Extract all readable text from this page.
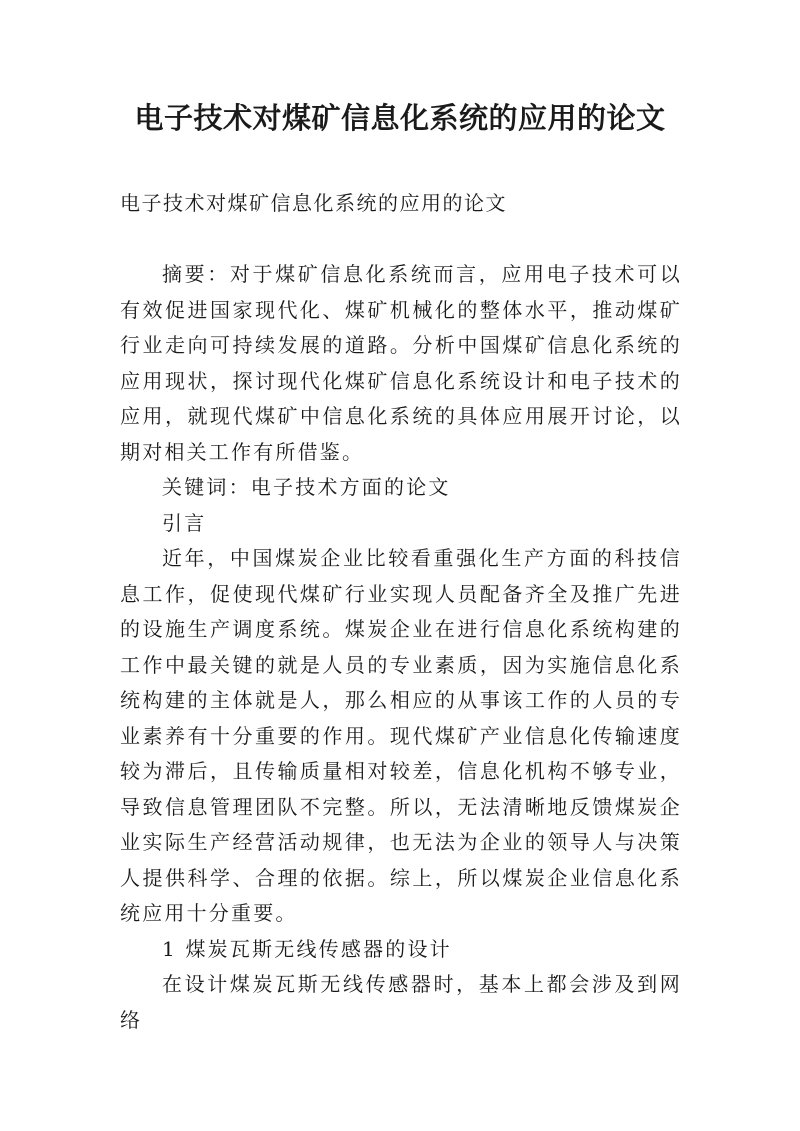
电子技术对煤矿信息化系统的应用的论文

电子技术对煤矿信息化系统的应用的论文

摘要：对于煤矿信息化系统而言，应用电子技术可以有效促进国家现代化、煤矿机械化的整体水平，推动煤矿行业走向可持续发展的道路。分析中国煤矿信息化系统的应用现状，探讨现代化煤矿信息化系统设计和电子技术的应用，就现代煤矿中信息化系统的具体应用展开讨论，以期对相关工作有所借鉴。

关键词：电子技术方面的论文

引言

近年，中国煤炭企业比较看重强化生产方面的科技信息工作，促使现代煤矿行业实现人员配备齐全及推广先进的设施生产调度系统。煤炭企业在进行信息化系统构建的工作中最关键的就是人员的专业素质，因为实施信息化系统构建的主体就是人，那么相应的从事该工作的人员的专业素养有十分重要的作用。现代煤矿产业信息化传输速度较为滞后，且传输质量相对较差，信息化机构不够专业，导致信息管理团队不完整。所以，无法清晰地反馈煤炭企业实际生产经营活动规律，也无法为企业的领导人与决策人提供科学、合理的依据。综上，所以煤炭企业信息化系统应用十分重要。

1 煤炭瓦斯无线传感器的设计

在设计煤炭瓦斯无线传感器时，基本上都会涉及到网络
